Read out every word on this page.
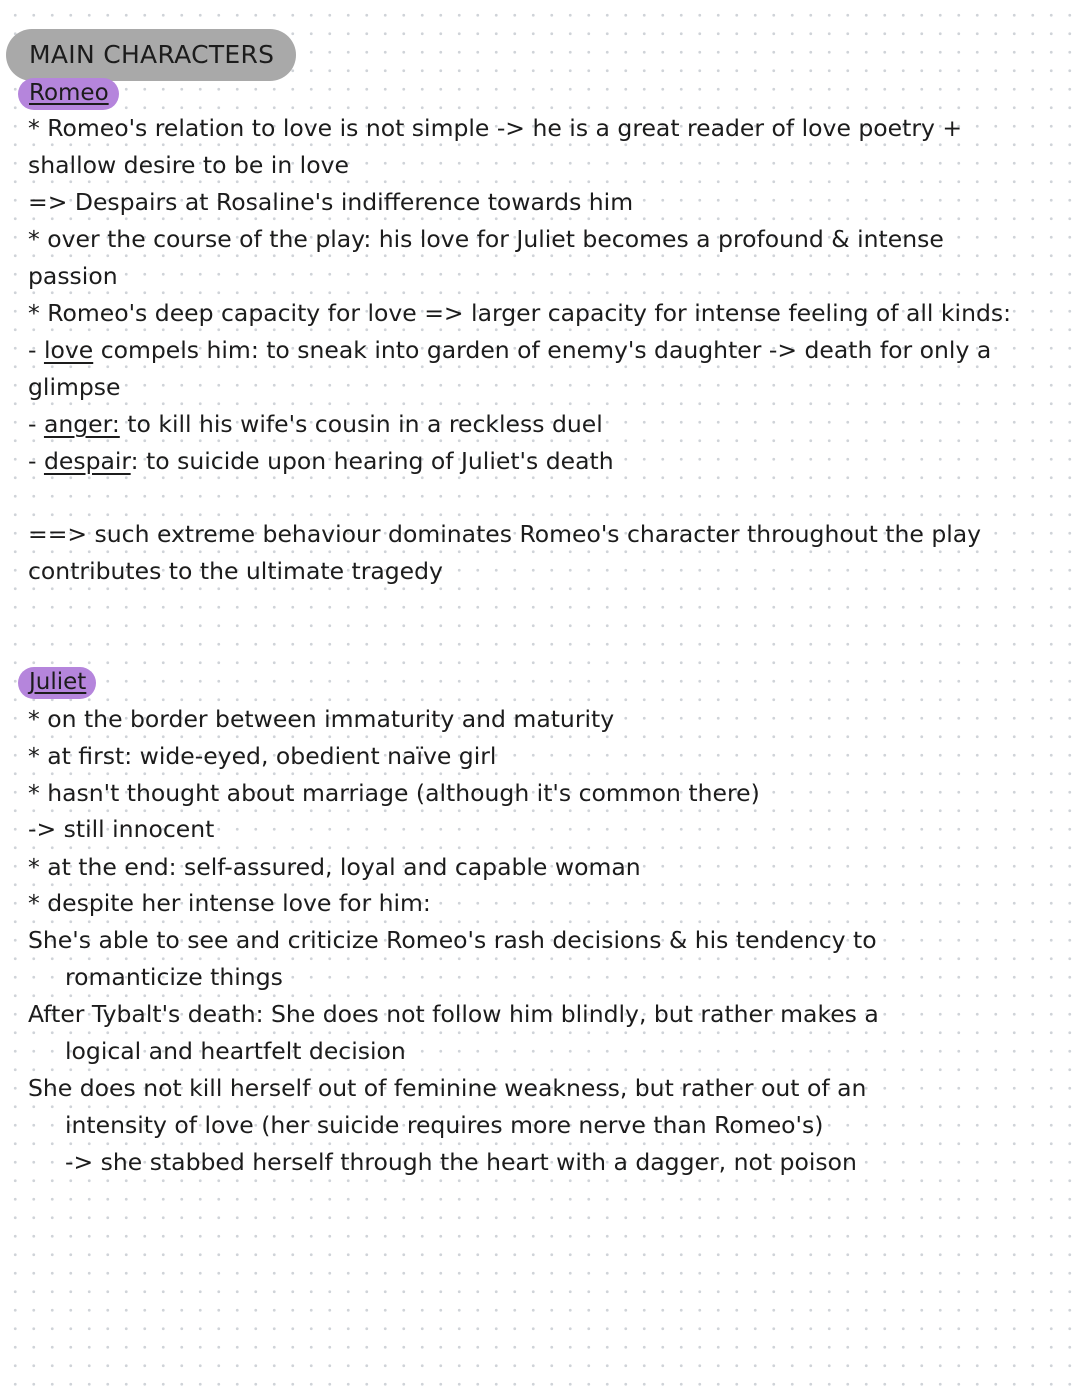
MAIN CHARACTERS
Romeo
* Romeo's relation to love is not simple -> he is a great reader of love poetry +
shallow desire to be in love
=> Despairs at Rosaline's indifference towards him
* over the course of the play: his love for Juliet becomes a profound & intense
passion
* Romeo's deep capacity for love => larger capacity for intense feeling of all kinds:
- love compels him: to sneak into garden of enemy's daughter -> death for only a
glimpse
- anger: to kill his wife's cousin in a reckless duel
- despair: to suicide upon hearing of Juliet's death
==> such extreme behaviour dominates Romeo's character throughout the play
contributes to the ultimate tragedy
Juliet
* on the border between immaturity and maturity
* at first: wide-eyed, obedient naïve girl
* hasn't thought about marriage (although it's common there)
-> still innocent
* at the end: self-assured, loyal and capable woman
* despite her intense love for him:
She's able to see and criticize Romeo's rash decisions & his tendency to
romanticize things
After Tybalt's death: She does not follow him blindly, but rather makes a
logical and heartfelt decision
She does not kill herself out of feminine weakness, but rather out of an
intensity of love (her suicide requires more nerve than Romeo's)
-> she stabbed herself through the heart with a dagger, not poison
